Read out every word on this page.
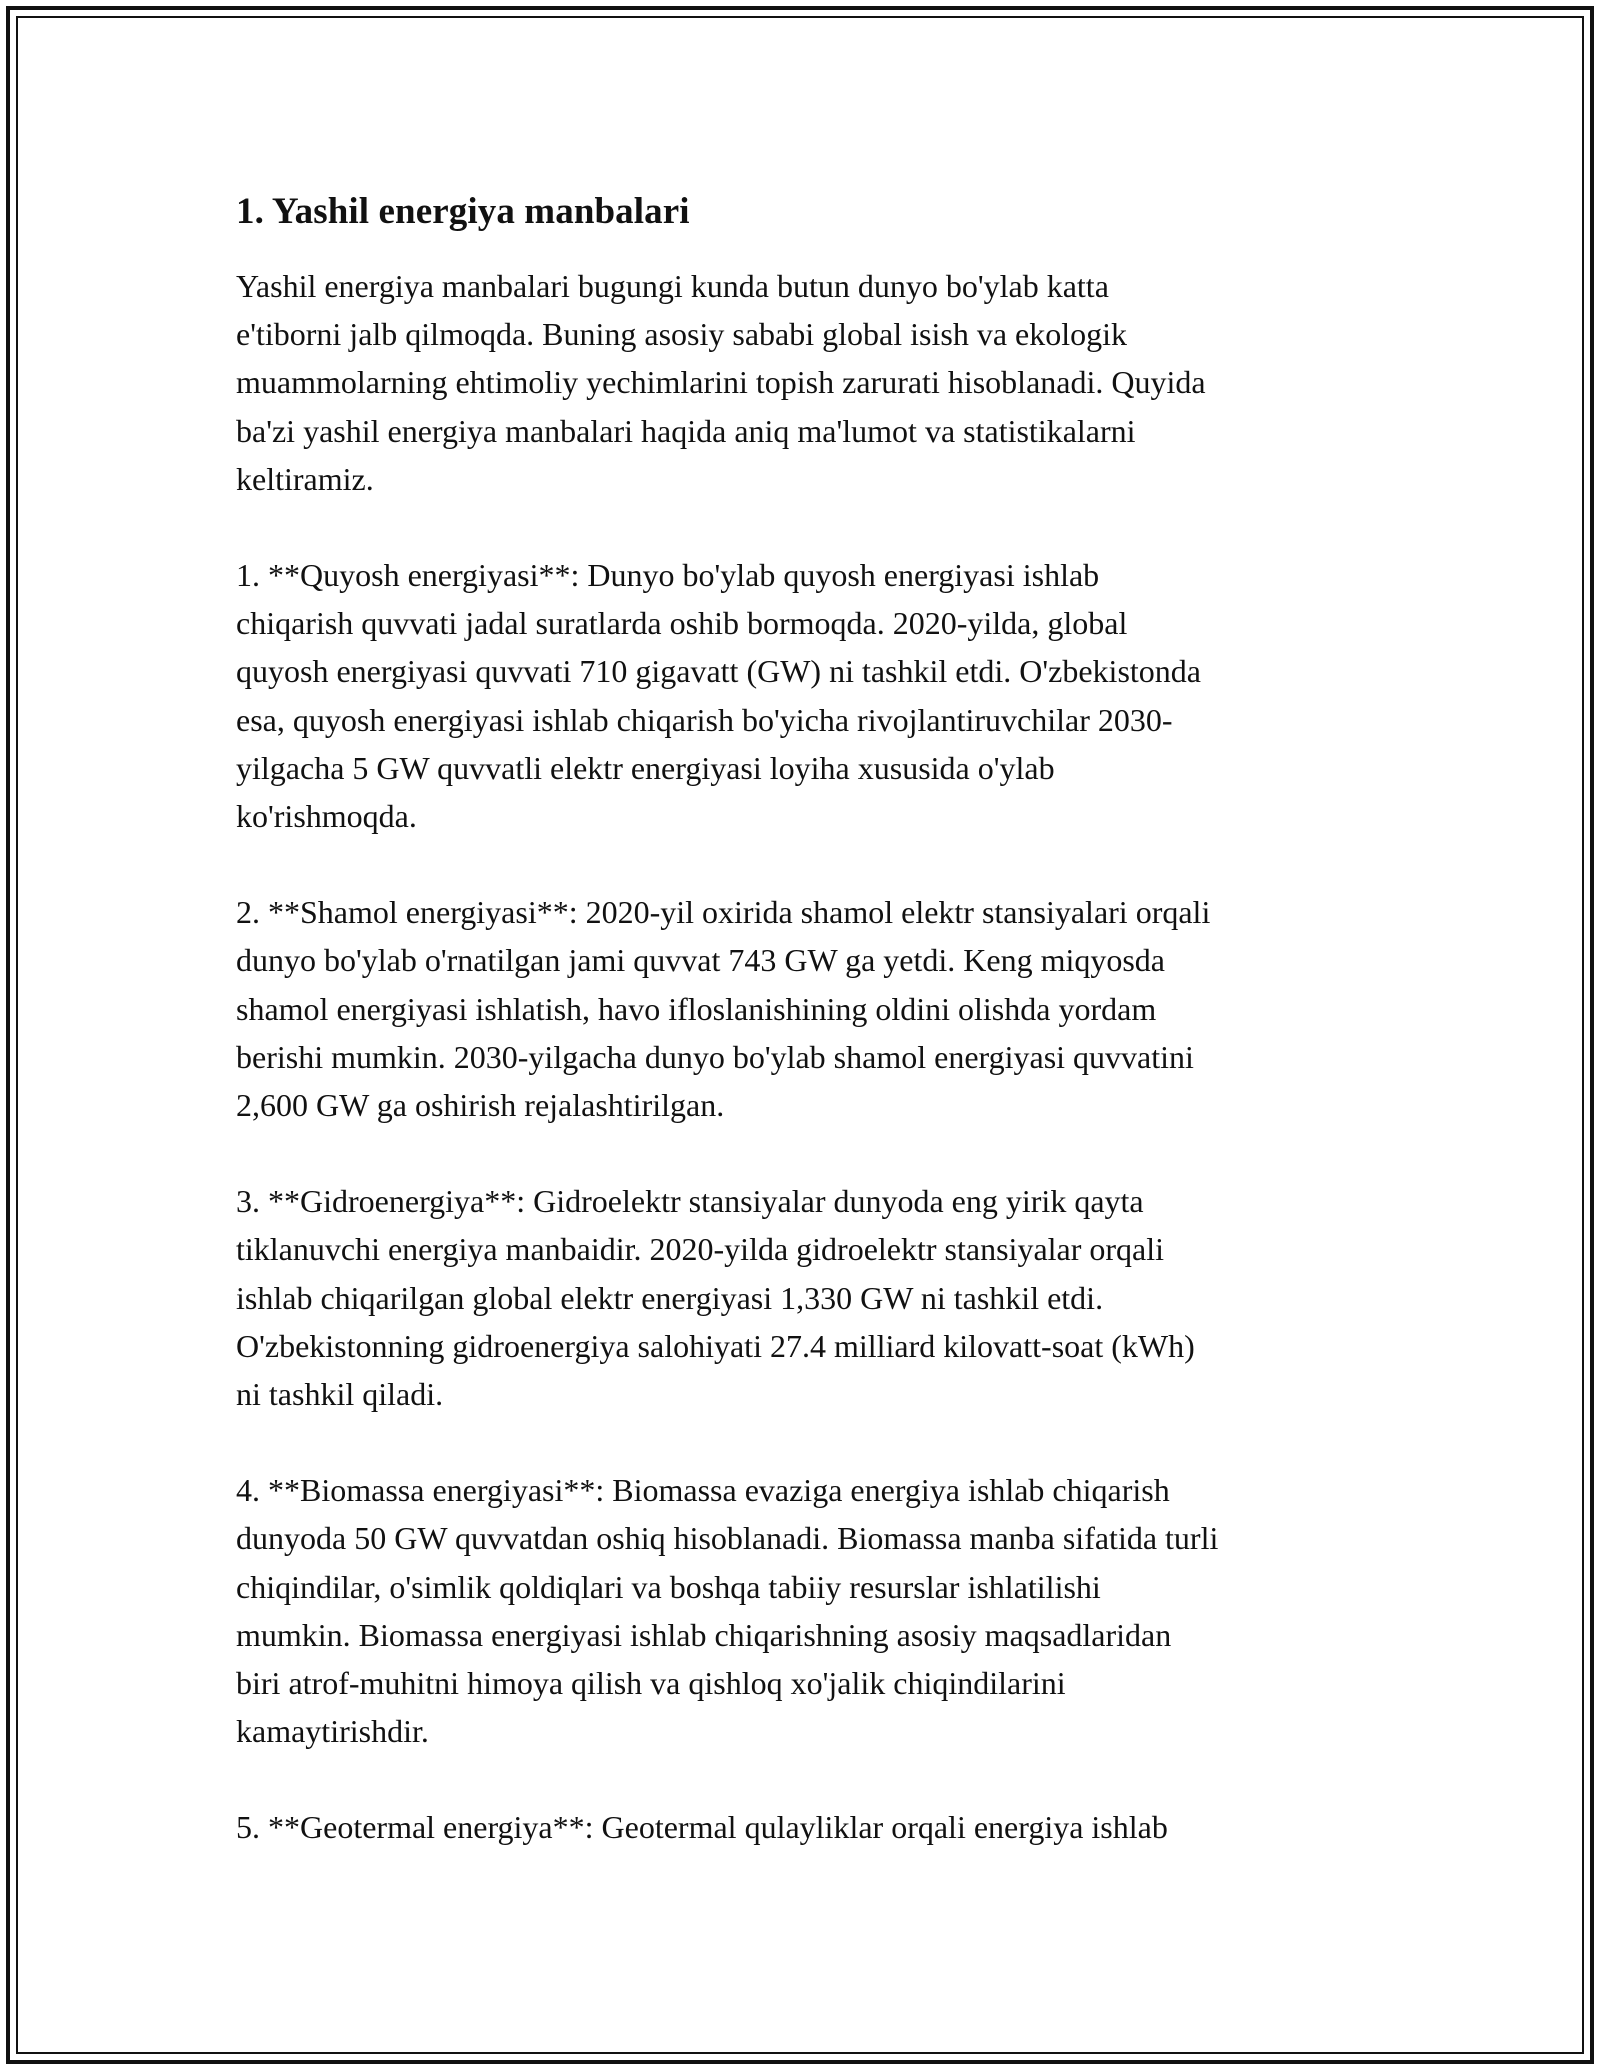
1. Yashil energiya manbalari

Yashil energiya manbalari bugungi kunda butun dunyo bo'ylab katta
e'tiborni jalb qilmoqda. Buning asosiy sababi global isish va ekologik
muammolarning ehtimoliy yechimlarini topish zarurati hisoblanadi. Quyida
ba'zi yashil energiya manbalari haqida aniq ma'lumot va statistikalarni
keltiramiz.

1. **Quyosh energiyasi**: Dunyo bo'ylab quyosh energiyasi ishlab
chiqarish quvvati jadal suratlarda oshib bormoqda. 2020-yilda, global
quyosh energiyasi quvvati 710 gigavatt (GW) ni tashkil etdi. O'zbekistonda
esa, quyosh energiyasi ishlab chiqarish bo'yicha rivojlantiruvchilar 2030-
yilgacha 5 GW quvvatli elektr energiyasi loyiha xususida o'ylab
ko'rishmoqda.

2. **Shamol energiyasi**: 2020-yil oxirida shamol elektr stansiyalari orqali
dunyo bo'ylab o'rnatilgan jami quvvat 743 GW ga yetdi. Keng miqyosda
shamol energiyasi ishlatish, havo ifloslanishining oldini olishda yordam
berishi mumkin. 2030-yilgacha dunyo bo'ylab shamol energiyasi quvvatini
2,600 GW ga oshirish rejalashtirilgan.

3. **Gidroenergiya**: Gidroelektr stansiyalar dunyoda eng yirik qayta
tiklanuvchi energiya manbaidir. 2020-yilda gidroelektr stansiyalar orqali
ishlab chiqarilgan global elektr energiyasi 1,330 GW ni tashkil etdi.
O'zbekistonning gidroenergiya salohiyati 27.4 milliard kilovatt-soat (kWh)
ni tashkil qiladi.

4. **Biomassa energiyasi**: Biomassa evaziga energiya ishlab chiqarish
dunyoda 50 GW quvvatdan oshiq hisoblanadi. Biomassa manba sifatida turli
chiqindilar, o'simlik qoldiqlari va boshqa tabiiy resurslar ishlatilishi
mumkin. Biomassa energiyasi ishlab chiqarishning asosiy maqsadlaridan
biri atrof-muhitni himoya qilish va qishloq xo'jalik chiqindilarini
kamaytirishdir.

5. **Geotermal energiya**: Geotermal qulayliklar orqali energiya ishlab
